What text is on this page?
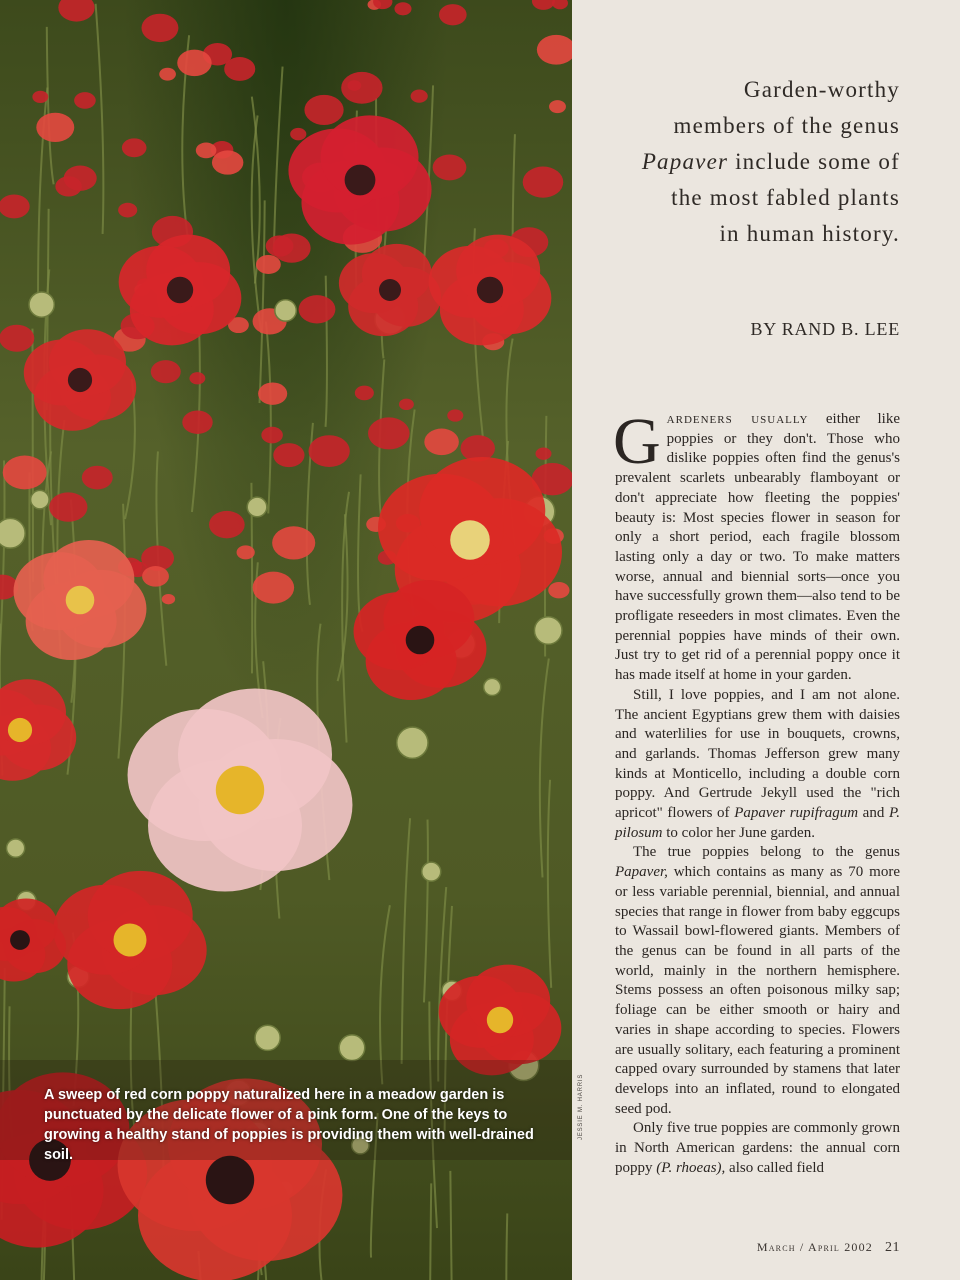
A sweep of red corn poppy naturalized here in a meadow garden is punctuated by the delicate flower of a pink form. One of the keys to growing a healthy stand of poppies is providing them with well-drained soil.
JESSIE M. HARRIS

Garden-worthy

members of the genus

Papaver include some of

the most fabled plants

in human history.

BY RAND B. LEE

Gardeners usually either like poppies or they don't. Those who dislike poppies often find the genus's prevalent scarlets unbearably flamboyant or don't appreciate how fleeting the poppies' beauty is: Most species flower in season for only a short period, each fragile blossom lasting only a day or two. To make matters worse, annual and biennial sorts—once you have successfully grown them—also tend to be profligate reseeders in most climates. Even the perennial poppies have minds of their own. Just try to get rid of a perennial poppy once it has made itself at home in your garden.

Still, I love poppies, and I am not alone. The ancient Egyptians grew them with daisies and waterlilies for use in bouquets, crowns, and garlands. Thomas Jefferson grew many kinds at Monticello, including a double corn poppy. And Gertrude Jekyll used the "rich apricot" flowers of Papaver rupifragum and P. pilosum to color her June garden.

The true poppies belong to the genus Papaver, which contains as many as 70 more or less variable perennial, biennial, and annual species that range in flower from baby eggcups to Wassail bowl-flowered giants. Members of the genus can be found in all parts of the world, mainly in the northern hemisphere. Stems possess an often poisonous milky sap; foliage can be either smooth or hairy and varies in shape according to species. Flowers are usually solitary, each featuring a prominent capped ovary surrounded by stamens that later develops into an inflated, round to elongated seed pod.

Only five true poppies are commonly grown in North American gardens: the annual corn poppy (P. rhoeas), also called field

March / April 2002 21
